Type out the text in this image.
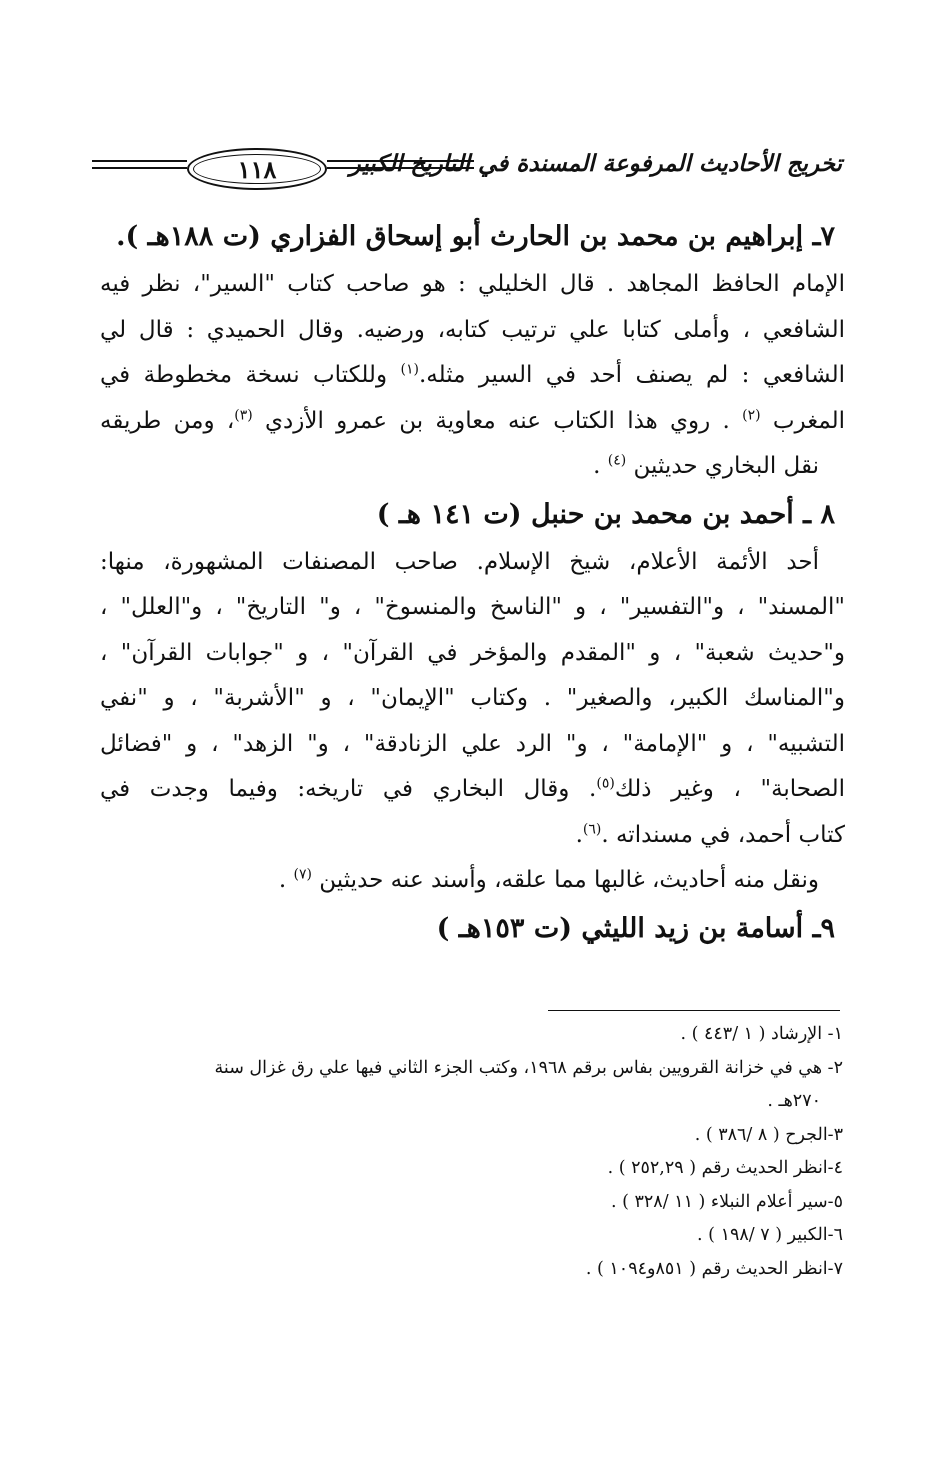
تخريج الأحاديث المرفوعة المسندة في التاريخ الكبير
١١٨
٧ـ إبراهيم بن محمد بن الحارث أبو إسحاق الفزاري (ت ١٨٨هـ ).
الإمام الحافظ المجاهد . قال الخليلي : هو صاحب كتاب "السير"، نظر فيه
الشافعي ، وأملى كتابا علي ترتيب كتابه، ورضيه. وقال الحميدي : قال لي
الشافعي : لم يصنف أحد في السير مثله.$^{(١)}$ وللكتاب نسخة مخطوطة في
المغرب $^{(٢)}$ . روي هذا الكتاب عنه معاوية بن عمرو الأزدي $^{(٣)}$، ومن طريقه
نقل البخاري حديثين $^{(٤)}$ .
٨ ـ أحمد بن محمد بن حنبل (ت ١٤١ هـ )
أحد الأئمة الأعلام، شيخ الإسلام. صاحب المصنفات المشهورة، منها:
"المسند" ، و"التفسير" ، و "الناسخ والمنسوخ" ، و" التاريخ" ، و"العلل" ،
و"حديث شعبة" ، و "المقدم والمؤخر في القرآن" ، و "جوابات القرآن" ،
و"المناسك الكبير، والصغير" . وكتاب "الإيمان" ، و "الأشربة" ، و "نفي
التشبيه" ، و "الإمامة" ، و" الرد علي الزنادقة" ، و" الزهد" ، و "فضائل
الصحابة" ، وغير ذلك$^{(٥)}$. وقال البخاري في تاريخه: وفيما وجدت في
كتاب أحمد، في مسنداته .$^{(٦)}$.
ونقل منه أحاديث، غالبها مما علقه، وأسند عنه حديثين $^{(٧)}$ .
٩ـ أسامة بن زيد الليثي (ت ١٥٣هـ )

١- الإرشاد ( ١ /٤٤٣ ) .

٢- هي في خزانة القرويين بفاس برقم ١٩٦٨، وكتب الجزء الثاني فيها علي رق غزال سنة
٢٧٠هـ .

٣-الجرح ( ٨ /٣٨٦ ) .

٤-انظر الحديث رقم ( ٢٥٢,٢٩ ) .

٥-سير أعلام النبلاء ( ١١ /٣٢٨ ) .

٦-الكبير ( ٧ /١٩٨ ) .

٧-انظر الحديث رقم ( ٨٥١و١٠٩٤ ) .
